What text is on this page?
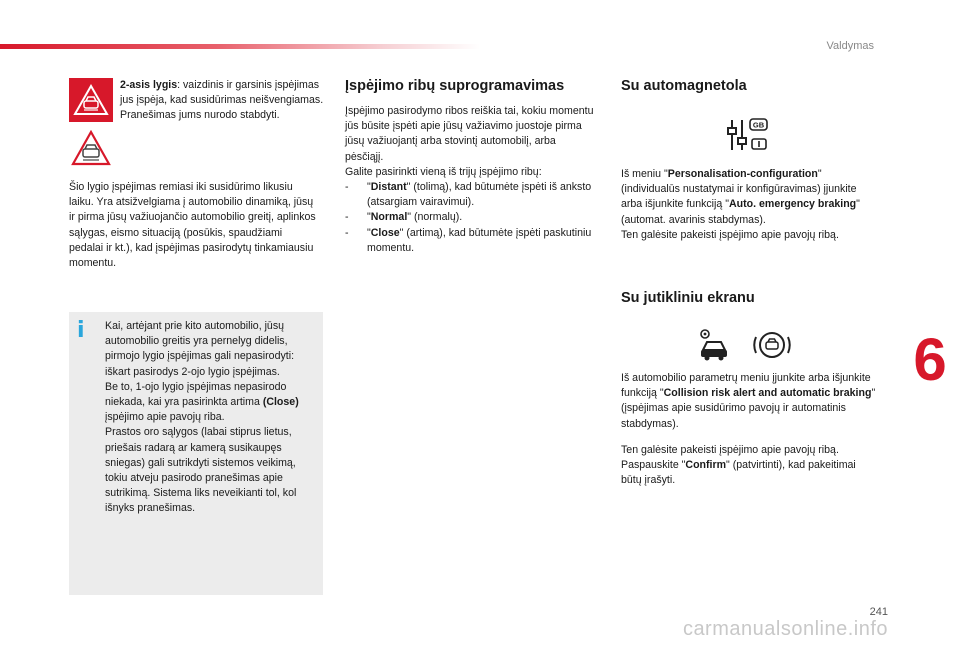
Valdymas
6
241
carmanualsonline.info
2-asis lygis: vaizdinis ir garsinis įspėjimas jus įspėja, kad susidūrimas neišvengiamas.
Pranešimas jums nurodo stabdyti.

Šio lygio įspėjimas remiasi iki susidūrimo likusiu laiku. Yra atsižvelgiama į automobilio dinamiką, jūsų ir pirma jūsų važiuojančio automobilio greitį, aplinkos sąlygas, eismo situaciją (posūkis, spaudžiami pedalai ir kt.), kad įspėjimas pasirodytų tinkamiausiu momentu.

i	Kai, artėjant prie kito automobilio, jūsų automobilio greitis yra pernelyg didelis, pirmojo lygio įspėjimas gali nepasirodyti: iškart pasirodys 2-ojo lygio įspėjimas.

Be to, 1-ojo lygio įspėjimas nepasirodo niekada, kai yra pasirinkta artima (Close) įspėjimo apie pavojų riba.

Prastos oro sąlygos (labai stiprus lietus, priešais radarą ar kamerą susikaupęs sniegas) gali sutrikdyti sistemos veikimą, tokiu atveju pasirodo pranešimas apie sutrikimą. Sistema liks neveikianti tol, kol išnyks pranešimas.

Įspėjimo ribų suprogramavimas

Įspėjimo pasirodymo ribos reiškia tai, kokiu momentu jūs būsite įspėti apie jūsų važiavimo juostoje pirma jūsų važiuojantį arba stovintį automobilį, arba pėsčiąjį.

Galite pasirinkti vieną iš trijų įspėjimo ribų:

- "Distant" (tolimą), kad būtumėte įspėti iš anksto (atsargiam vairavimui).
- "Normal" (normalų).
- "Close" (artimą), kad būtumėte įspėti paskutiniu momentu.
Su automagnetola
GB

Iš meniu "Personalisation-configuration" (individualūs nustatymai ir konfigūravimas) įjunkite arba išjunkite funkciją "Auto. emergency braking" (automat. avarinis stabdymas).
Ten galėsite pakeisti įspėjimo apie pavojų ribą.

Su jutikliniu ekranu

Iš automobilio parametrų meniu įjunkite arba išjunkite funkciją "Collision risk alert and automatic braking" (įspėjimas apie susidūrimo pavojų ir automatinis stabdymas).

Ten galėsite pakeisti įspėjimo apie pavojų ribą.
Paspauskite "Confirm" (patvirtinti), kad pakeitimai būtų įrašyti.
